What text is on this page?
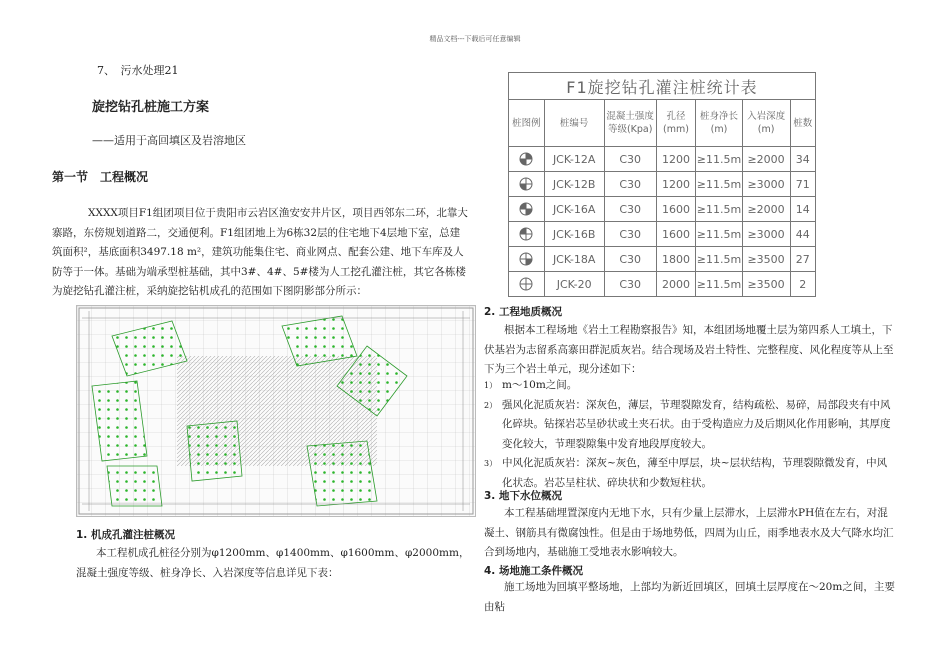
精品文档---下载后可任意编辑
7、　污水处理21
旋挖钻孔桩施工方案
——适用于高回填区及岩溶地区
第一节　工程概况
XXXX项目F1组团项目位于贵阳市云岩区渔安安井片区，项目西邻东二环，北靠大寨路，东傍规划道路二，交通便利。F1组团地上为6栋32层的住宅地下4层地下室，总建筑面积²，基底面积3497.18 m²，建筑功能集住宅、商业网点、配套公建、地下车库及人防等于一体。基础为端承型桩基础，其中3#、4#、5#楼为人工挖孔灌注桩，其它各栋楼为旋挖钻孔灌注桩，采纳旋挖钻机成孔的范围如下图阴影部分所示：
1. 机成孔灌注桩概况
本工程机成孔桩径分别为φ1200mm、φ1400mm、φ1600mm、φ2000mm，混凝土强度等级、桩身净长、入岩深度等信息详见下表：
F1旋挖钻孔灌注桩统计表						
桩图例	桩编号	混凝土强度等级(Kpa)	孔径(mm)	桩身净长(m)	入岩深度(m)	桩数
	JCK-12A	C30	1200	≥11.5m	≥2000	34
	JCK-12B	C30	1200	≥11.5m	≥3000	71
	JCK-16A	C30	1600	≥11.5m	≥2000	14
	JCK-16B	C30	1600	≥11.5m	≥3000	44
	JCK-18A	C30	1800	≥11.5m	≥3500	27
	JCK-20	C30	2000	≥11.5m	≥3500	2
2. 工程地质概况
根据本工程场地《岩土工程勘察报告》知，本组团场地覆土层为第四系人工填土，下伏基岩为志留系高寨田群泥质灰岩。结合现场及岩土特性、完整程度、风化程度等从上至下为三个岩土单元，现分述如下：
1） m～10m之间。
2） 强风化泥质灰岩：深灰色，薄层，节理裂隙发育，结构疏松、易碎，局部段夹有中风化碎块。钻探岩芯呈砂状或土夹石状。由于受构造应力及后期风化作用影响，其厚度变化较大，节理裂隙集中发育地段厚度较大。
3） 中风化泥质灰岩：深灰~灰色，薄至中厚层，块~层状结构，节理裂隙微发育，中风化状态。岩芯呈柱状、碎块状和少数短柱状。
3. 地下水位概况
本工程基础埋置深度内无地下水，只有少量上层滞水，上层滞水PH值在左右，对混凝土、钢筋具有微腐蚀性。但是由于场地势低，四周为山丘，雨季地表水及大气降水均汇合到场地内，基础施工受地表水影响较大。
4. 场地施工条件概况
施工场地为回填平整场地，上部均为新近回填区，回填土层厚度在～20m之间，主要由粘
